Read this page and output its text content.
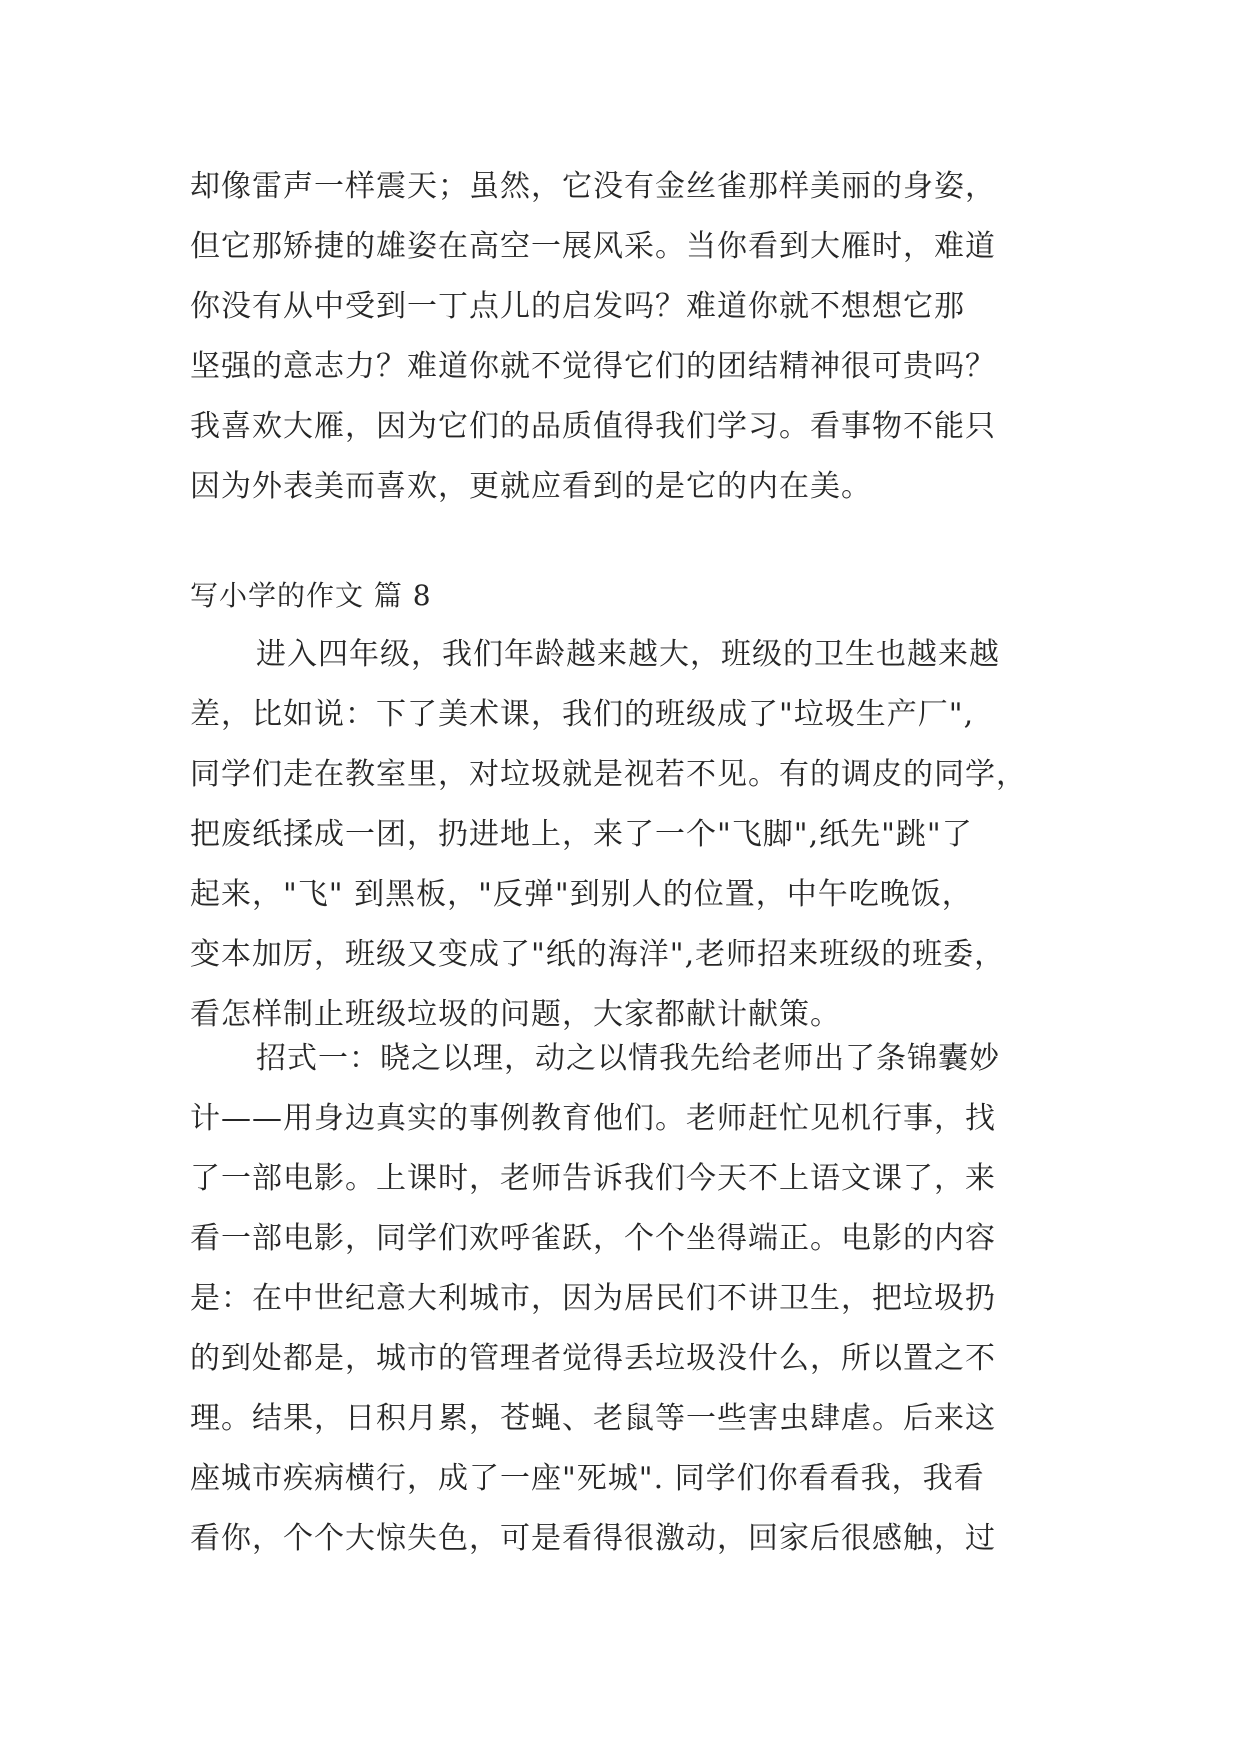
却像雷声一样震天；虽然，它没有金丝雀那样美丽的身姿，
但它那矫捷的雄姿在高空一展风采。当你看到大雁时，难道
你没有从中受到一丁点儿的启发吗？难道你就不想想它那
坚强的意志力？难道你就不觉得它们的团结精神很可贵吗？
我喜欢大雁，因为它们的品质值得我们学习。看事物不能只
因为外表美而喜欢，更就应看到的是它的内在美。
写小学的作文 篇 8
进入四年级，我们年龄越来越大，班级的卫生也越来越
差，比如说：下了美术课，我们的班级成了"垃圾生产厂",
同学们走在教室里，对垃圾就是视若不见。有的调皮的同学，
把废纸揉成一团，扔进地上，来了一个"飞脚",纸先"跳"了
起来，"飞" 到黑板，"反弹"到别人的位置，中午吃晚饭，
变本加厉，班级又变成了"纸的海洋",老师招来班级的班委，
看怎样制止班级垃圾的问题，大家都献计献策。
招式一：晓之以理，动之以情我先给老师出了条锦囊妙
计——用身边真实的事例教育他们。老师赶忙见机行事，找
了一部电影。上课时，老师告诉我们今天不上语文课了，来
看一部电影，同学们欢呼雀跃，个个坐得端正。电影的内容
是：在中世纪意大利城市，因为居民们不讲卫生，把垃圾扔
的到处都是，城市的管理者觉得丢垃圾没什么，所以置之不
理。结果，日积月累，苍蝇、老鼠等一些害虫肆虐。后来这
座城市疾病横行，成了一座"死城". 同学们你看看我，我看
看你，个个大惊失色，可是看得很激动，回家后很感触，过
